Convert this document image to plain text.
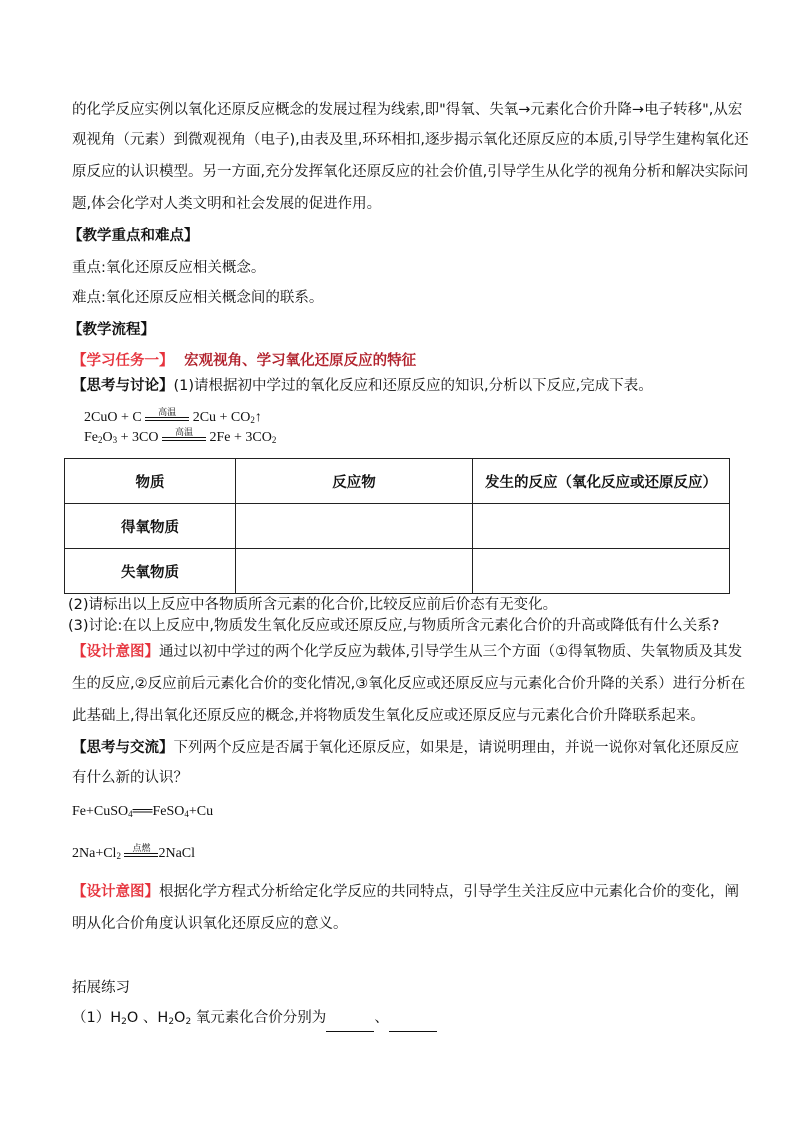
的化学反应实例以氧化还原反应概念的发展过程为线索,即"得氧、失氧→元素化合价升降→电子转移",从宏
观视角（元素）到微观视角（电子),由表及里,环环相扣,逐步揭示氧化还原反应的本质,引导学生建构氧化还
原反应的认识模型。另一方面,充分发挥氧化还原反应的社会价值,引导学生从化学的视角分析和解决实际问
题,体会化学对人类文明和社会发展的促进作用。
【教学重点和难点】
重点:氧化还原反应相关概念。
难点:氧化还原反应相关概念间的联系。
【教学流程】
【学习任务一】 宏观视角、学习氧化还原反应的特征
【思考与讨论】(1)请根据初中学过的氧化反应和还原反应的知识,分析以下反应,完成下表。
2CuO + C	高温	$2Cu + CO_2↑$
$Fe_2O_3 + 3CO$	高温	$2Fe + 3CO_2$
物质	反应物	发生的反应（氧化反应或还原反应）
得氧物质		
失氧物质		
(2)请标出以上反应中各物质所含元素的化合价,比较反应前后价态有无变化。
(3)讨论:在以上反应中,物质发生氧化反应或还原反应,与物质所含元素化合价的升高或降低有什么关系?
【设计意图】通过以初中学过的两个化学反应为载体,引导学生从三个方面（①得氧物质、失氧物质及其发
生的反应,②反应前后元素化合价的变化情况,③氧化反应或还原反应与元素化合价升降的关系）进行分析在
此基础上,得出氧化还原反应的概念,并将物质发生氧化反应或还原反应与元素化合价升降联系起来。
【思考与交流】下列两个反应是否属于氧化还原反应，如果是，请说明理由，并说一说你对氧化还原反应
有什么新的认识？
Fe+CuSO$_4$══FeSO$_4$+Cu
$2Na+Cl_2$
点燃 2NaCl
【设计意图】根据化学方程式分析给定化学反应的共同特点，引导学生关注反应中元素化合价的变化，阐
明从化合价角度认识氧化还原反应的意义。
拓展练习
$(1)H_2O$ 、$H_2O_2$ 氧元素化合价分别为	、
